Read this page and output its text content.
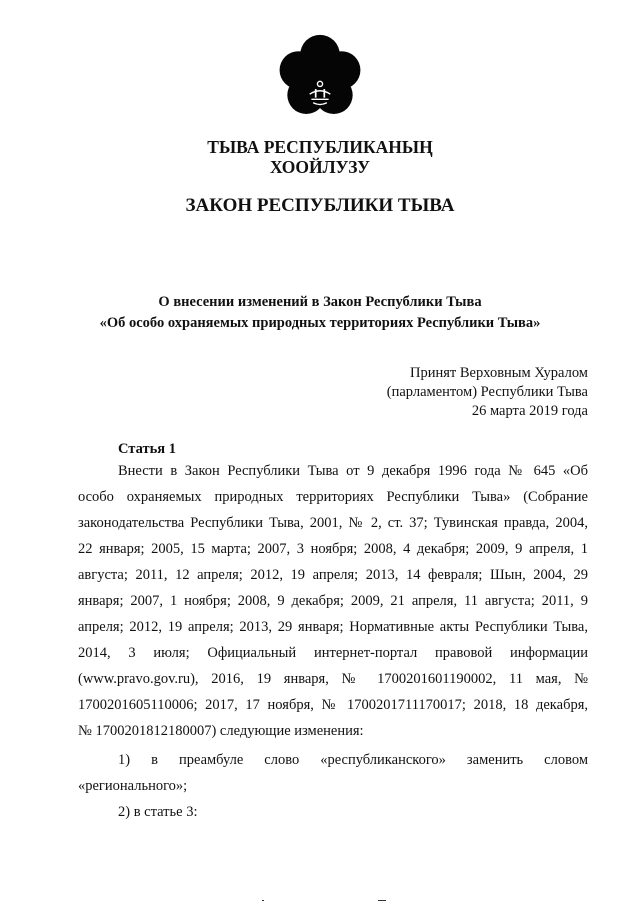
ТЫВА РЕСПУБЛИКАНЫҢ
ХООЙЛУЗУ
ЗАКОН РЕСПУБЛИКИ ТЫВА
О внесении изменений в Закон Республики Тыва
«Об особо охраняемых природных территориях Республики Тыва»
Принят Верховным Хуралом
(парламентом) Республики Тыва
26 марта 2019 года
Статья 1
Внести в Закон Республики Тыва от 9 декабря 1996 года № 645 «Об
особо охраняемых природных территориях Республики Тыва» (Собрание
законодательства Республики Тыва, 2001, № 2, ст. 37; Тувинская правда, 2004,
22 января; 2005, 15 марта; 2007, 3 ноября; 2008, 4 декабря; 2009, 9 апреля, 1
августа; 2011, 12 апреля; 2012, 19 апреля; 2013, 14 февраля; Шын, 2004, 29
января; 2007, 1 ноября; 2008, 9 декабря; 2009, 21 апреля, 11 августа; 2011, 9
апреля; 2012, 19 апреля; 2013, 29 января; Нормативные акты Республики Тыва,
2014, 3 июля; Официальный интернет-портал правовой информации
(www.pravo.gov.ru), 2016, 19 января, № 1700201601190002, 11 мая, №
1700201605110006; 2017, 17 ноября, № 1700201711170017; 2018, 18 декабря,
№ 1700201812180007) следующие изменения:
1) в преамбуле слово «республиканского» заменить словом
«регионального»;
2) в статье 3:
